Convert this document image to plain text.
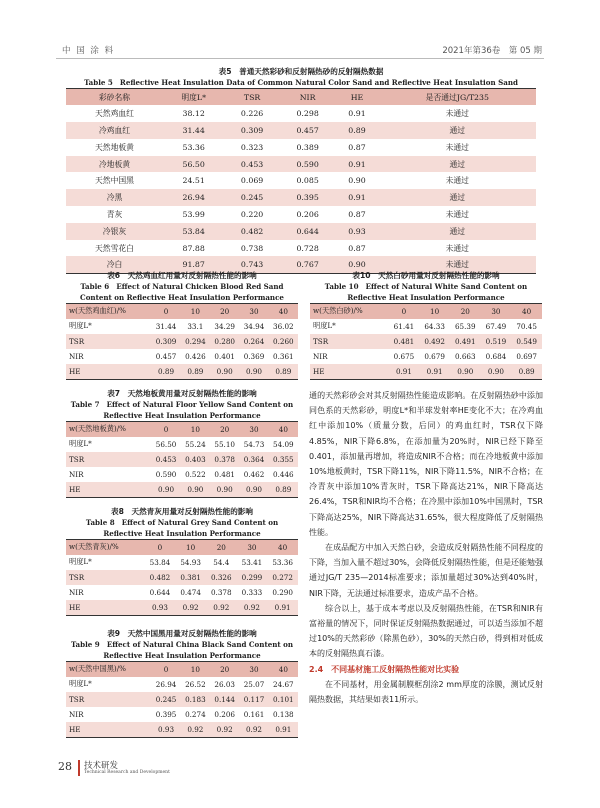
中 国 涂 料	2021年第36卷　第 05 期
表5　普通天然彩砂和反射隔热砂的反射隔热数据
Table 5　Reflective Heat Insulation Data of Common Natural Color Sand and Reflective Heat Insulation Sand
彩砂名称	明度L*	TSR	NIR	HE	是否通过JG/T235
天然鸡血红	38.12	0.226	0.298	0.91	未通过
冷鸡血红	31.44	0.309	0.457	0.89	通过
天然地板黄	53.36	0.323	0.389	0.87	未通过
冷地板黄	56.50	0.453	0.590	0.91	通过
天然中国黑	24.51	0.069	0.085	0.90	未通过
冷黑	26.94	0.245	0.395	0.91	通过
青灰	53.99	0.220	0.206	0.87	未通过
冷银灰	53.84	0.482	0.644	0.93	通过
天然雪花白	87.88	0.738	0.728	0.87	未通过
冷白	91.87	0.743	0.767	0.90	未通过
表6　天然鸡血红用量对反射隔热性能的影响
Table 6　Effect of Natural Chicken Blood Red Sand
Content on Reflective Heat Insulation Performance
w(天然鸡血红)/%	0	10	20	30	40
明度L*	31.44	33.1	34.29	34.94	36.02
TSR	0.309	0.294	0.280	0.264	0.260
NIR	0.457	0.426	0.401	0.369	0.361
HE	0.89	0.89	0.90	0.90	0.89
表7　天然地板黄用量对反射隔热性能的影响
Table 7　Effect of Natural Floor Yellow Sand Content on
Reflective Heat Insulation Performance
w(天然地板黄)/%	0	10	20	30	40
明度L*	56.50	55.24	55.10	54.73	54.09
TSR	0.453	0.403	0.378	0.364	0.355
NIR	0.590	0.522	0.481	0.462	0.446
HE	0.90	0.90	0.90	0.90	0.89
表8　天然青灰用量对反射隔热性能的影响
Table 8　Effect of Natural Grey Sand Content on
Reflective Heat Insulation Performance
w(天然青灰)/%	0	10	20	30	40
明度L*	53.84	54.93	54.4	53.41	53.36
TSR	0.482	0.381	0.326	0.299	0.272
NIR	0.644	0.474	0.378	0.333	0.290
HE	0.93	0.92	0.92	0.92	0.91
表9　天然中国黑用量对反射隔热性能的影响
Table 9　Effect of Natural China Black Sand Content on
Reflective Heat Insulation Performance
w(天然中国黑)/%	0	10	20	30	40
明度L*	26.94	26.52	26.03	25.07	24.67
TSR	0.245	0.183	0.144	0.117	0.101
NIR	0.395	0.274	0.206	0.161	0.138
HE	0.93	0.92	0.92	0.92	0.91
表10　天然白砂用量对反射隔热性能的影响
Table 10　Effect of Natural White Sand Content on
Reflective Heat Insulation Performance
w(天然白砂)/%	0	10	20	30	40
明度L*	61.41	64.33	65.39	67.49	70.45
TSR	0.481	0.492	0.491	0.519	0.549
NIR	0.675	0.679	0.663	0.684	0.697
HE	0.91	0.91	0.90	0.90	0.89

通的天然彩砂会对其反射隔热性能造成影响。在反射隔热砂中添加同色系的天然彩砂，明度L*和半球发射率HE变化不大；在冷鸡血红中添加10%（质量分数，后同）的鸡血红时，TSR仅下降4.85%，NIR下降6.8%，在添加量为20%时，NIR已经下降至0.401，添加量再增加，将造成NIR不合格；而在冷地板黄中添加10%地板黄时，TSR下降11%，NIR下降11.5%，NIR不合格；在冷青灰中添加10%青灰时，TSR下降高达21%，NIR下降高达26.4%，TSR和NIR均不合格；在冷黑中添加10%中国黑时，TSR下降高达25%，NIR下降高达31.65%，很大程度降低了反射隔热性能。

在成品配方中加入天然白砂，会造成反射隔热性能不同程度的下降，当加入量不超过30%，会降低反射隔热性能，但是还能勉强通过JG/T 235—2014标准要求；添加量超过30%达到40%时，NIR下降，无法通过标准要求，造成产品不合格。

综合以上，基于成本考虑以及反射隔热性能，在TSR和NIR有富裕量的情况下，同时保证反射隔热数据通过，可以适当添加不超过10%的天然彩砂（除黑色砂），30%的天然白砂，得到相对低成本的反射隔热真石漆。

2.4　不同基材施工反射隔热性能对比实验

在不同基材，用金属制膜框刮涂2 mm厚度的涂膜，测试反射隔热数据，其结果如表11所示。

28 技术研发
Technical Research and Development
